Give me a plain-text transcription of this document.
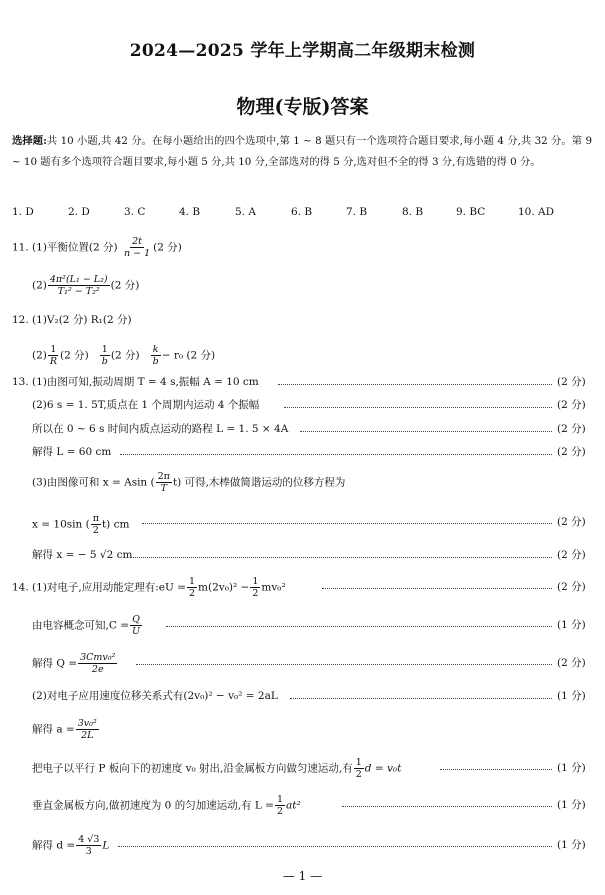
2024—2025 学年上学期高二年级期末检测
物理(专版)答案
选择题:共 10 小题,共 42 分。在每小题给出的四个选项中,第 1 ~ 8 题只有一个选项符合题目要求,每小题 4 分,共 32 分。第 9 ~ 10 题有多个选项符合题目要求,每小题 5 分,共 10 分,全部选对的得 5 分,选对但不全的得 3 分,有选错的得 0 分。
1. D	2. D	3. C	4. B	5. A	6. B	7. B	8. B	9. BC	10. AD
11. (1)平衡位置(2 分) $\frac{2t}{n - 1} (2$ 分)
$(2) \frac{\text{4π²(L₁ − L₂)}}{\text{T₁² − T₂²}} (2$ 分)
12. (1)V₂(2 分) R₁(2 分)
$(2) \frac{1}{R} (2$ 分) $\frac{1}{b} (2$ 分) $\frac{k}{b} - r_0$ (2 分)
13. (1)由图可知,振动周期 T = 4 s,振幅 A = 10 cm	(2 分)
(2)6 s = 1. 5T,质点在 1 个周期内运动 4 个振幅	(2 分)
所以在 0 ~ 6 s 时间内质点运动的路程 L = 1. 5 × 4A	(2 分)
解得 L = 60 cm	(2 分)
(3)由图像可和 x = Asin ( $\frac{2\pi}{T} t$) 可得,木棒做简谐运动的位移方程为
x = 10sin ( $\frac{\pi}{2} t$) cm	(2 分)
解得 x = − 5 √2 cm	(2 分)
14. (1)对电子,应用动能定理有:eU = $\frac{1}{2} m(2v_0)^2 - \frac{1}{2} mv_0^2$	(2 分)
由电容概念可知$,C = \frac{Q}{U}$	(1 分)
解得 $Q = \frac{\text{3Cmv₀²}}{2e}$	(2 分)
(2)对电子应用速度位移关系式有(2v₀)² − v₀² = 2aL	(1 分)
解得 $a = \frac{\text{3v₀²}}{2L}$
把电子以平行 P 板向下的初速度 v₀ 射出,沿金属板方向做匀速运动,有 $\frac{1}{2}$ d = v₀t	(1 分)
垂直金属板方向,做初速度为 0 的匀加速运动,有 $L = \frac{1}{2} at^2$	(1 分)
解得 $d = \frac{4 √3}{3}$ L	(1 分)
— 1 —
